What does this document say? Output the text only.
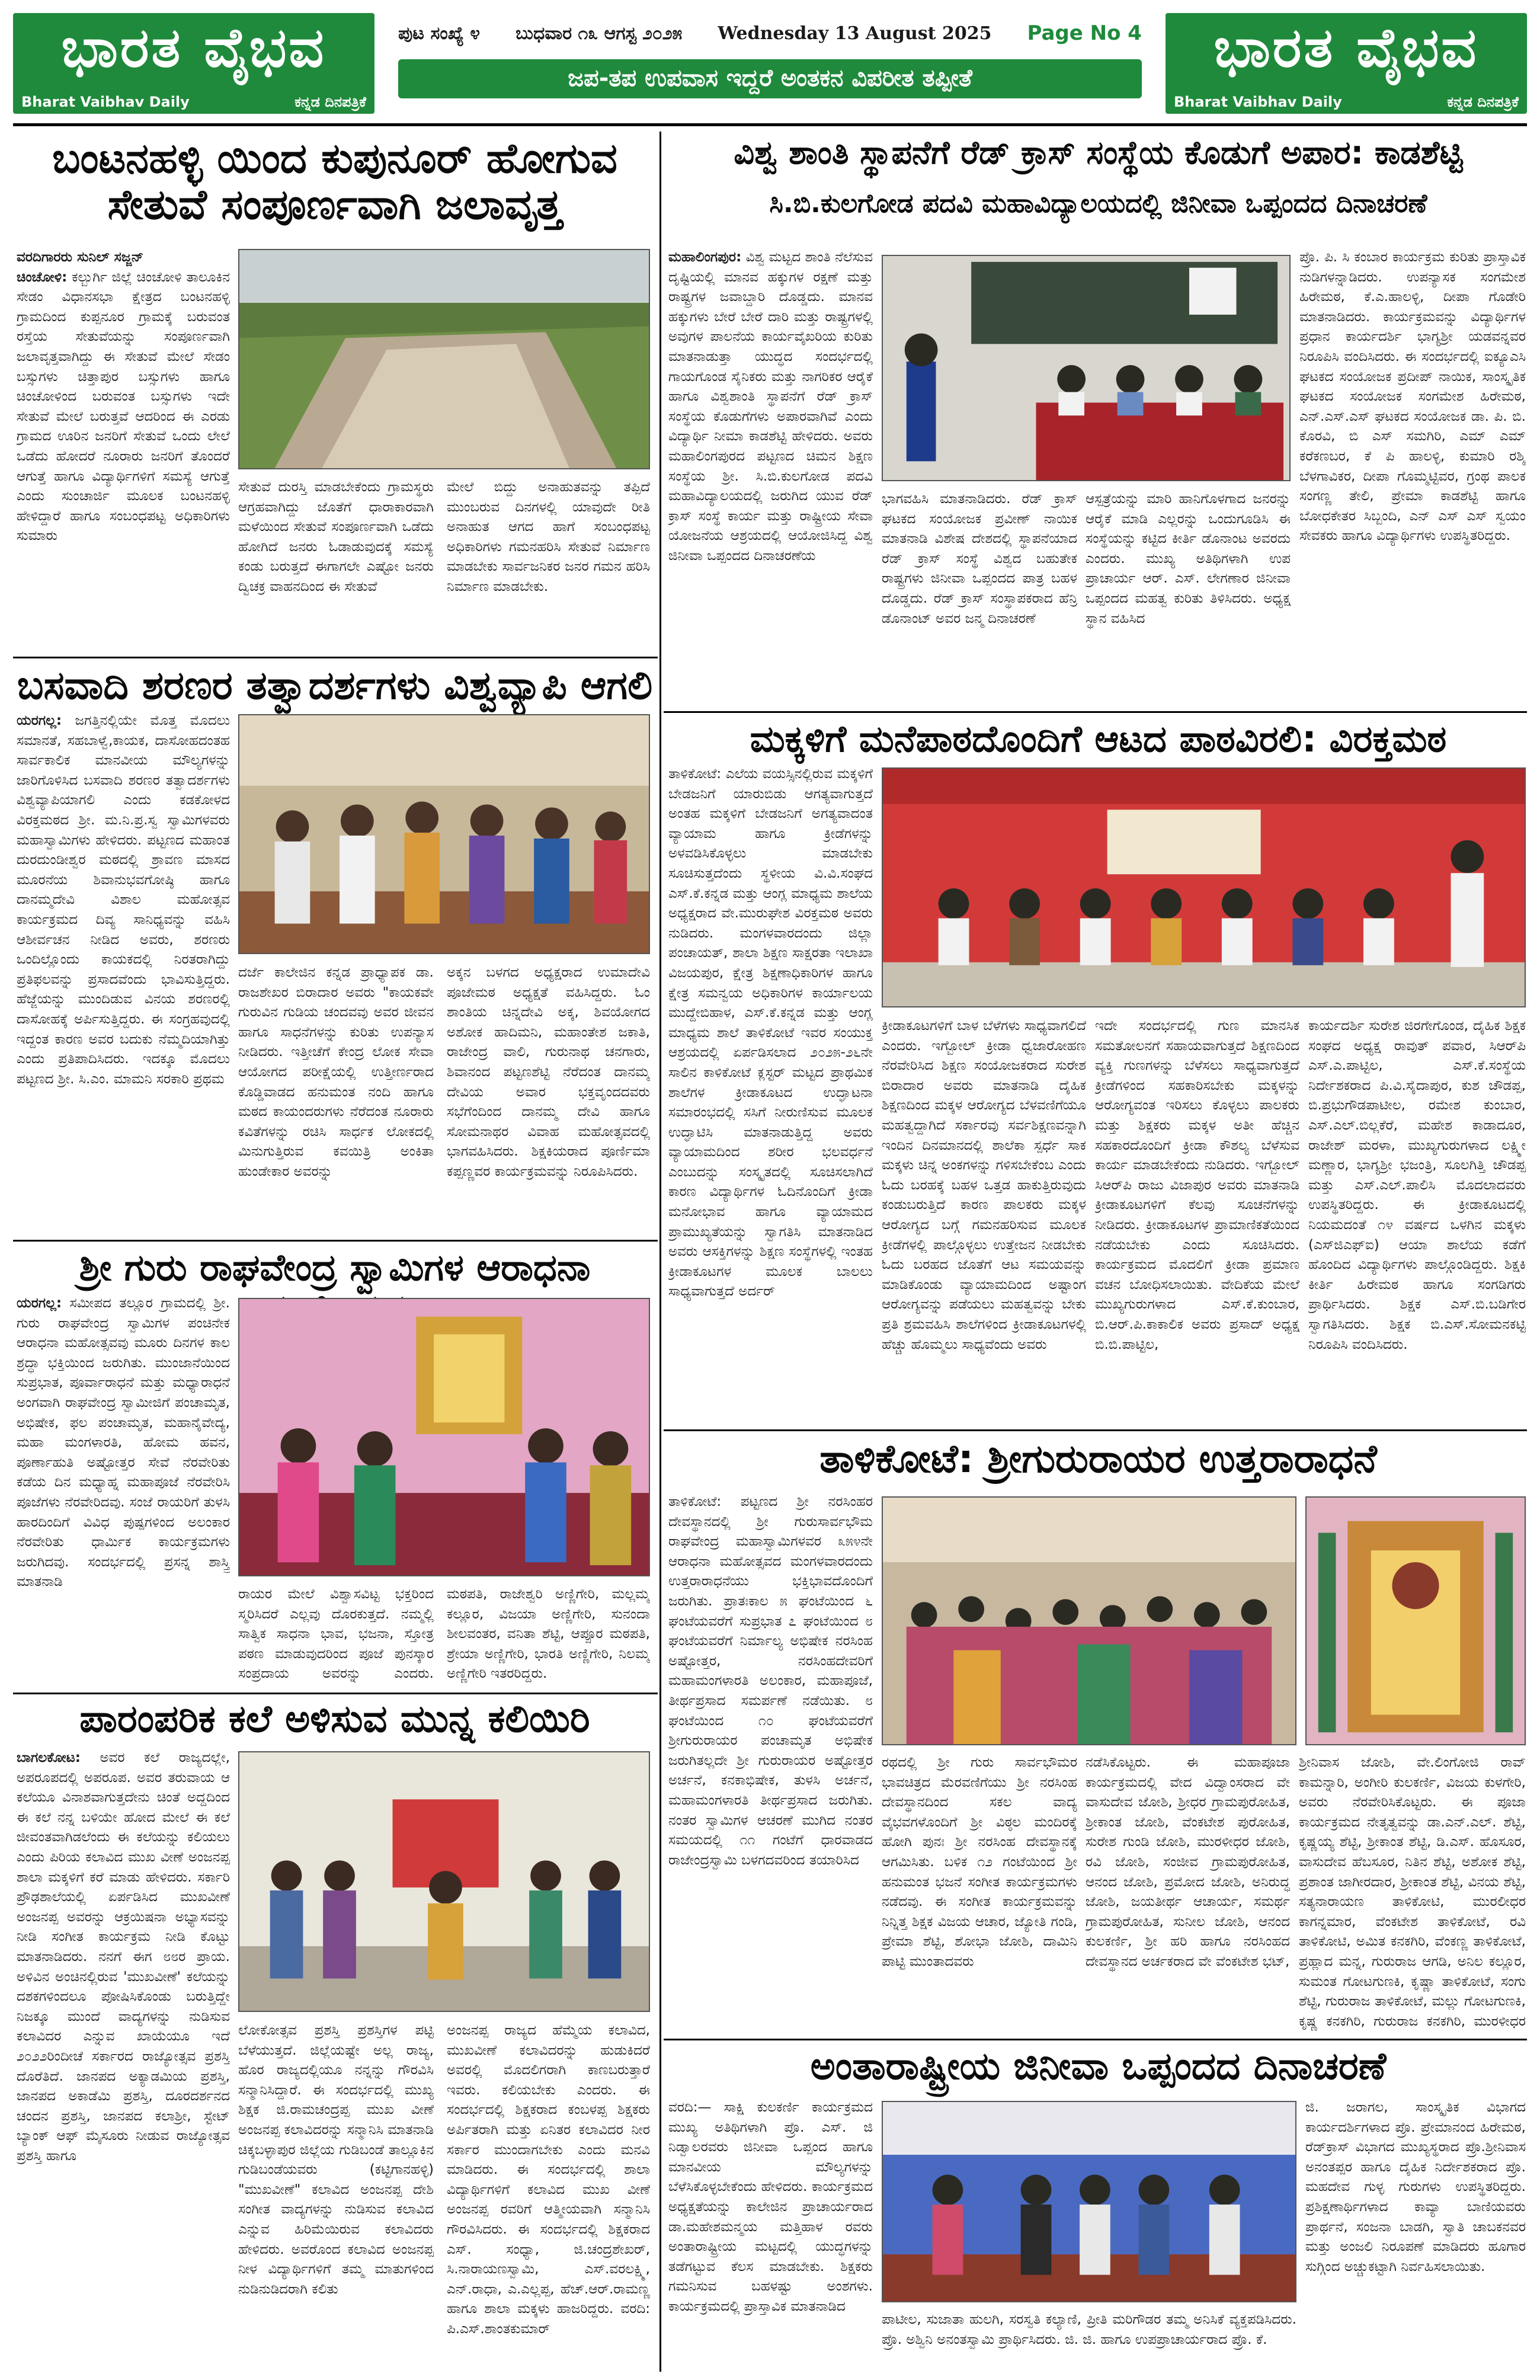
ಭಾರತ ವೈಭವ
Bharat Vaibhav Daily	ಕನ್ನಡ ದಿನಪತ್ರಿಕೆ
ಪುಟ ಸಂಖ್ಯೆ ೪ ಬುಧವಾರ ೧೩ ಆಗಸ್ಟ ೨೦೨೫ Wednesday 13 August 2025 Page No 4
ಜಪ-ತಪ ಉಪವಾಸ ಇದ್ದರೆ ಅಂತಕನ ವಿಪರೀತ ತಪ್ಪೀತೆ	ಭಾರತ ವೈಭವ
Bharat Vaibhav Daily	ಕನ್ನಡ ದಿನಪತ್ರಿಕೆ
ಬಂಟನಹಳ್ಳಿ ಯಿಂದ ಕುಪುನೂರ್ ಹೋಗುವ ಸೇತುವೆ ಸಂಪೂರ್ಣವಾಗಿ ಜಲಾವೃತ್ತ
ವರದಿಗಾರರು ಸುನಿಲ್ ಸಜ್ಜನ್
ಚಿಂಚೋಳಿ: ಕಲ್ಬುರ್ಗಿ ಜಿಲ್ಲೆ ಚಿಂಚೋಳಿ ತಾಲೂಕಿನ ಸೇಡಂ ವಿಧಾನಸಭಾ ಕ್ಷೇತ್ರದ ಬಂಟನಹಳ್ಳಿ ಗ್ರಾಮದಿಂದ ಕುಪ್ಪನೂರ ಗ್ರಾಮಕ್ಕೆ ಬರುವಂತ ರಸ್ತೆಯ ಸೇತುವೆಯನ್ನು ಸಂಪೂರ್ಣವಾಗಿ ಜಲಾವೃತ್ತವಾಗಿದ್ದು ಈ ಸೇತುವೆ ಮೇಲೆ ಸೇಡಂ ಬಸ್ಸುಗಳು ಚಿತ್ತಾಪುರ ಬಸ್ಸುಗಳು ಹಾಗೂ ಚಿಂಚೋಳಿಂದ ಬರುವಂತ ಬಸ್ಸುಗಳು ಇದೇ ಸೇತುವೆ ಮೇಲೆ ಬರುತ್ತವೆ ಆದರಿಂದ ಈ ಎರಡು ಗ್ರಾಮದ ಊರಿನ ಜನರಿಗೆ ಸೇತುವೆ ಒಂದು ಲೇಲೆ ಒಡೆದು ಹೋದರೆ ನೂರಾರು ಜನರಿಗೆ ತೊಂದರೆ ಆಗುತ್ತೆ ಹಾಗೂ ವಿದ್ಯಾರ್ಥಿಗಳಿಗೆ ಸಮಸ್ಯೆ ಆಗುತ್ತೆ ಎಂದು ಸುಂಚಾರ್ಜಿ ಮೂಲಕ ಬಂಟನಹಳ್ಳಿ ಹೇಳಿದ್ದಾರೆ ಹಾಗೂ ಸಂಬಂಧಪಟ್ಟ ಅಧಿಕಾರಿಗಳು ಸುಮಾರು
ಸೇತುವೆ ದುರಸ್ತಿ ಮಾಡಬೇಕೆಂದು ಗ್ರಾಮಸ್ಥರು ಆಗ್ರಹವಾಗಿದ್ದು ಜೊತೆಗೆ ಧಾರಾಕಾರವಾಗಿ ಮಳೆಯಿಂದ ಸೇತುವೆ ಸಂಪೂರ್ಣವಾಗಿ ಒಡೆದು ಹೋಗಿದೆ ಜನರು ಓಡಾಡುವುದಕ್ಕೆ ಸಮಸ್ಯೆ ಕಂಡು ಬರುತ್ತದೆ ಈಗಾಗಲೇ ಎಷ್ಟೋ ಜನರು ದ್ವಿಚಕ್ರ ವಾಹನದಿಂದ ಈ ಸೇತುವೆ
ಮೇಲೆ ಬಿದ್ದು ಅನಾಹುತವನ್ನು ತಪ್ಪಿದೆ ಮುಂಬರುವ ದಿನಗಳಲ್ಲಿ ಯಾವುದೇ ರೀತಿ ಅನಾಹುತ ಆಗದ ಹಾಗೆ ಸಂಬಂಧಪಟ್ಟ ಅಧಿಕಾರಿಗಳು ಗಮನಹರಿಸಿ ಸೇತುವೆ ನಿರ್ಮಾಣ ಮಾಡಬೇಕು ಸಾರ್ವಜನಿಕರ ಜನರ ಗಮನ ಹರಿಸಿ ನಿರ್ಮಾಣ ಮಾಡಬೇಕು.
ಬಸವಾದಿ ಶರಣರ ತತ್ವಾದರ್ಶಗಳು ವಿಶ್ವವ್ಯಾಪಿ ಆಗಲಿ
ಯರಗಲ್ಲ: ಜಗತ್ತಿನಲ್ಲಿಯೇ ಮೊತ್ತ ಮೊದಲು ಸಮಾನತೆ, ಸಹಬಾಳ್ವೆ,ಕಾಯಕ, ದಾಸೋಹದಂತಹ ಸಾರ್ವಕಾಲಿಕ ಮಾನವೀಯ ಮೌಲ್ಯಗಳನ್ನು ಜಾರಿಗೊಳಿಸಿದ ಬಸವಾದಿ ಶರಣರ ತತ್ವಾದರ್ಶಗಳು ವಿಶ್ವವ್ಯಾಪಿಯಾಗಲಿ ಎಂದು ಕಡಕೋಳದ ವಿರಕ್ತಮಠದ ಶ್ರೀ. ಮ.ನಿ.ಪ್ರ.ಸ್ವ ಸ್ವಾಮಿಗಳವರು ಮಹಾಸ್ವಾಮಿಗಳು ಹೇಳಿದರು. ಪಟ್ಟಣದ ಮಹಾಂತ ದುರದುಂಡೀಶ್ವರ ಮಠದಲ್ಲಿ ಶ್ರಾವಣ ಮಾಸದ ಮೂರನೆಯ ಶಿವಾನುಭವಗೋಷ್ಠಿ ಹಾಗೂ ದಾನಮ್ಮದೇವಿ ವಿಶಾಲ ಮಹೋತ್ಸವ ಕಾರ್ಯಕ್ರಮದ ದಿವ್ಯ ಸಾನಿಧ್ಯವನ್ನು ವಹಿಸಿ ಆಶೀರ್ವಚನ ನೀಡಿದ ಅವರು, ಶರಣರು ಒಂದಿಲ್ಲೊಂದು ಕಾಯಕದಲ್ಲಿ ನಿರತರಾಗಿದ್ದು ಪ್ರತಿಫಲವನ್ನು ಪ್ರಸಾದವೆಂದು ಭಾವಿಸುತ್ತಿದ್ದರು. ಹೆಜ್ಜೆಯನ್ನು ಮುಂದಿಡುವ ವಿನಯ ಶರಣರಲ್ಲಿ ದಾಸೋಹಕ್ಕೆ ಅರ್ಪಿಸುತ್ತಿದ್ದರು. ಈ ಸಂಗ್ರಹವುದಲ್ಲಿ ಇದ್ದಂತ ಕಾರಣ ಅವರ ಬದುಕು ನೆಮ್ಮದಿಯಾಗಿತ್ತು ಎಂದು ಪ್ರತಿಪಾದಿಸಿದರು. ಇದಕ್ಕೂ ಮೊದಲು ಪಟ್ಟಣದ ಶ್ರೀ. ಸಿ.ಎಂ. ಮಾಮನಿ ಸರಕಾರಿ ಪ್ರಥಮ
ದರ್ಜೆ ಕಾಲೇಜಿನ ಕನ್ನಡ ಪ್ರಾಧ್ಯಾಪಕ ಡಾ. ರಾಜಶೇಖರ ಬಿರಾದಾರ ಅವರು "ಕಾಯಕವೇ ಗುರುವಿನ ಗುಡಿಯ ಚಂದವವು ಅವರ ಜೀವನ ಹಾಗೂ ಸಾಧನೆಗಳನ್ನು ಕುರಿತು ಉಪನ್ಯಾಸ ನೀಡಿದರು. ಇತ್ತೀಚೆಗೆ ಕೇಂದ್ರ ಲೋಕ ಸೇವಾ ಆಯೋಗದ ಪರೀಕ್ಷೆಯಲ್ಲಿ ಉತ್ತೀರ್ಣರಾದ ಕೊಡ್ಡಿವಾಡದ ಹನುಮಂತ ನಂದಿ ಹಾಗೂ ಮಠದ ಕಾಯಂದರುಗಳು ನೆರೆದಂತ ನೂರಾರು ಕವಿತೆಗಳನ್ನು ರಚಿಸಿ ಸಾರ್ಧಕ ಲೋಕದಲ್ಲಿ ಮಿನುಗುತ್ತಿರುವ ಕವಯಿತ್ರಿ ಅಂಕಿತಾ ಹುಂಡೇಕಾರ ಅವರನ್ನು
ಅಕ್ಕನ ಬಳಗದ ಅಧ್ಯಕ್ಷರಾದ ಉಮಾದೇವಿ ಪೂಜೇಮಠ ಅಧ್ಯಕ್ಷತೆ ವಹಿಸಿದ್ದರು. ಓಂ ಶಾಂತಿಯ ಚಿನ್ನದೇವಿ ಅಕ್ಕ, ಶಿವಯೋಗದ ಅಶೋಕ ಹಾದಿಮನಿ, ಮಹಾಂತೇಶ ಜಕಾತಿ, ರಾಜೇಂದ್ರ ವಾಲಿ, ಗುರುನಾಥ ಚನಗಾರು, ಶಿವಾನಂದ ಪಟ್ಟಣಶೆಟ್ಟಿ ನೆರೆದಂತ ದಾನಮ್ಮ ದೇವಿಯ ಅವಾರ ಭಕ್ತವೃಂದದವರು ಸಭೆಗೆಂದಿಂದ ದಾನಮ್ಮ ದೇವಿ ಹಾಗೂ ಸೋಮನಾಥರ ವಿವಾಹ ಮಹೋತ್ಸವದಲ್ಲಿ ಭಾಗವಹಿಸಿದರು. ಶಿಕ್ಷಕಿಯರಾದ ಪೂರ್ಣಿಮಾ ಕಪ್ಪಣ್ಣವರ ಕಾರ್ಯಕ್ರಮವನ್ನು ನಿರೂಪಿಸಿದರು.
ಶ್ರೀ ಗುರು ರಾಘವೇಂದ್ರ ಸ್ವಾಮಿಗಳ ಆರಾಧನಾ
ಯರಗಲ್ಲ: ಸಮೀಪದ ತಲ್ಲೂರ ಗ್ರಾಮದಲ್ಲಿ ಶ್ರೀ. ಗುರು ರಾಘವೇಂದ್ರ ಸ್ವಾಮಿಗಳ ಪಂಚಿನೇಕ ಆರಾಧನಾ ಮಹೋತ್ಸವವು ಮೂರು ದಿನಗಳ ಕಾಲ ಶ್ರದ್ಧಾ ಭಕ್ತಿಯಿಂದ ಜರುಗಿತು. ಮುಂಜಾನೆಯಿಂದ ಸುಪ್ರಭಾತ, ಪೂರ್ವಾರಾಧನೆ ಮತ್ತು ಮಧ್ಯಾರಾಧನೆ ಅಂಗವಾಗಿ ರಾಘವೇಂದ್ರ ಸ್ವಾಮೀಜಿಗೆ ಪಂಚಾಮೃತ, ಅಭಿಷೇಕ, ಫಲ ಪಂಚಾಮೃತ, ಮಹಾನೈವೇದ್ಯ, ಮಹಾ ಮಂಗಳಾರತಿ, ಹೋಮ ಹವನ, ಪೂರ್ಣಾಹುತಿ ಅಷ್ಟೋತ್ತರ ಸೇವೆ ನೆರವೇರಿತು ಕಡೆಯ ದಿನ ಮಧ್ಯಾಹ್ನ ಮಹಾಪೂಜೆ ನೆರವೇರಿಸಿ ಪೂಜೆಗಳು ನೆರವೇರಿದವು. ಸಂಜೆ ರಾಯರಿಗೆ ತುಳಸಿ ಹಾರದಿಂದಿಗೆ ವಿವಿಧ ಪುಷ್ಪಗಳಿಂದ ಅಲಂಕಾರ ನೆರವೇರಿತು ಧಾರ್ಮಿಕ ಕಾರ್ಯಕ್ರಮಗಳು ಜರುಗಿದವು. ಸಂದರ್ಭದಲ್ಲಿ ಪ್ರಸನ್ನ ಶಾಸ್ತ್ರಿ ಮಾತನಾಡಿ
ರಾಯರ ಮೇಲೆ ವಿಶ್ವಾಸವಿಟ್ಟ ಭಕ್ತರಿಂದ ಸ್ಮರಿಸಿದರೆ ಎಲ್ಲವು ದೊರಕುತ್ತದೆ. ನಮ್ಮಲ್ಲಿ ಸಾತ್ವಿಕ ಸಾಧನಾ ಭಾವ, ಭಜನಾ, ಸ್ತೋತ್ರ ಪಠಣ ಮಾಡುವುದರಿಂದ ಪೂಜೆ ಪುನಸ್ಕಾರ ಸಂಪ್ರದಾಯ ಅವರನ್ನು ಎಂದರು.
ಮಠಪತಿ, ರಾಜೇಶ್ವರಿ ಅಣ್ಣಿಗೇರಿ, ಮಲ್ಲಮ್ಮ ಕಲ್ಲೂರ, ವಿಜಯಾ ಅಣ್ಣಿಗೇರಿ, ಸುನಂದಾ ಶೀಲವಂತರ, ವನಿತಾ ಶೆಟ್ಟಿ, ಆಪ್ಪೂರ ಮಠಪತಿ, ಶ್ರೇಯಾ ಅಣ್ಣಿಗೇರಿ, ಭಾರತಿ ಅಣ್ಣಿಗೇರಿ, ನಿಲಮ್ಮ ಅಣ್ಣಿಗೇರಿ ಇತರರಿದ್ದರು.
ಪಾರಂಪರಿಕ ಕಲೆ ಅಳಿಸುವ ಮುನ್ನ ಕಲಿಯಿರಿ
ಬಾಗಲಕೋಟ: ಅವರ ಕಲೆ ರಾಜ್ಯದಲ್ಲೇ, ಅಪರೂಪದಲ್ಲಿ ಅಪರೂಪ. ಅವರ ತರುವಾಯ ಆ ಕಲೆಯೂ ವಿನಾಶವಾಗುತ್ತದೇನು ಚಿಂತೆ ಅದ್ದದಿಂದ ಈ ಕಲೆ ನನ್ನ ಬಳಿಯೇ ಹೋದ ಮೇಲೆ ಈ ಕಲೆ ಜೀವಂತವಾಗಿಡಲೆಂದು ಈ ಕಲೆಯನ್ನು ಕಲಿಯಲು ಎಂದು ಪಿರಿಯ ಕಲಾವಿದ ಮುಖ ವೀಣೆ ಅಂಜನಪ್ಪ ಶಾಲಾ ಮಕ್ಕಳಿಗೆ ಕರೆ ಮಾಡು ಹೇಳಿದರು. ಸರ್ಕಾರಿ ಪ್ರೌಢಶಾಲೆಯಲ್ಲಿ ಏರ್ಪಡಿಸಿದ ಮುಖವೀಣೆ ಅಂಜನಪ್ಪ ಅವರನ್ನು ಆಕ್ರಯಿಷನಾ ಅಭ್ಯಾಸವನ್ನು ನೀಡಿ ಸಂಗೀತ ಕಾರ್ಯಕ್ರಮ ನೀಡಿ ಕೊಟ್ಟು ಮಾತನಾಡಿದರು. ನನಗೆ ಈಗ ೮೮ರ ಪ್ರಾಯ. ಅಳಿವಿನ ಅಂಚಿನಲ್ಲಿರುವ 'ಮುಖವೀಣೆ' ಕಲೆಯನ್ನು ದಶಕಗಳಿಂದಲೂ ಪೋಷಿಸಿಕೊಂಡು ಬರುತ್ತಿದ್ದೇ ನಿಜಕ್ಕೂ ಮುಂದೆ ವಾದ್ಯಗಳನ್ನು ನುಡಿಸುವ ಕಲಾವಿದರ ಎನ್ನುವ ಖಾಯೆಯೂ ಇದೆ ೨೦೨೨ರಿಂದೀಚೆ ಸರ್ಕಾರದ ರಾಜ್ಯೋತ್ಸವ ಪ್ರಶಸ್ತಿ ದೊರೆತಿದೆ. ಜಾನಪದ ಅಕ್ಯಾಡಮಿಯ ಪ್ರಶಸ್ತಿ, ಜಾನಪದ ಅಕಾಡೆಮಿ ಪ್ರಶಸ್ತಿ, ದೂರದರ್ಶನದ ಚಂದನ ಪ್ರಶಸ್ತಿ, ಜಾನಪದ ಕಲಾಶ್ರೀ, ಸ್ಟೇಟ್ ಬ್ಯಾಂಕ್ ಆಫ್ ಮೈಸೂರು ನೀಡುವ ರಾಜ್ಯೋತ್ಸವ ಪ್ರಶಸ್ತಿ ಹಾಗೂ
ಲೋಕೋತ್ಸವ ಪ್ರಶಸ್ತಿ ಪ್ರಶಸ್ತಿಗಳ ಪಟ್ಟಿ ಬೆಳೆಯುತ್ತದೆ. ಜಿಲ್ಲೆಯಷ್ಟೇ ಅಲ್ಲ ರಾಜ್ಯ, ಹೊರ ರಾಜ್ಯದಲ್ಲಿಯೂ ನನ್ನನ್ನು ಗೌರವಿಸಿ ಸನ್ಮಾನಿಸಿದ್ದಾರೆ. ಈ ಸಂದರ್ಭದಲ್ಲಿ ಮುಖ್ಯ ಶಿಕ್ಷಕ ಜಿ.ರಾಮಚಂದ್ರಪ್ಪ ಮುಖ ವೀಣೆ ಅಂಜನಪ್ಪ ಕಲಾವಿದರನ್ನು ಸನ್ಮಾನಿಸಿ ಮಾತನಾಡಿ ಚಿಕ್ಕಬಳ್ಳಾಪುರ ಜಿಲ್ಲೆಯ ಗುಡಿಬಂಡೆ ತಾಲ್ಲೂಕಿನ ಗುಡಿಬಂಡೆಯವರು (ಕಟ್ಟಿಗಾನಹಳ್ಳಿ) "ಮುಖವೀಣೆ" ಕಲಾವಿದ ಅಂಜನಪ್ಪ ದೇಶಿ ಸಂಗೀತ ವಾದ್ಯಗಳನ್ನು ನುಡಿಸುವ ಕಲಾವಿದ ಎನ್ನುವ ಹಿರಿಮೆಯಿರುವ ಕಲಾವಿದರು ಹೇಳಿದರು. ಅವರೊಂದ ಕಲಾವಿದ ಅಂಜನಪ್ಪ ನೀಳ ವಿದ್ಯಾರ್ಥಿಗಳಿಗೆ ತಮ್ಮ ಮಾತುಗಳಿಂದ ನುಡಿನುಡಿದರಾಗಿ ಕಲಿತು
ಅಂಜನಪ್ಪ ರಾಜ್ಯದ ಹೆಮ್ಮೆಯ ಕಲಾವಿದ, ಮುಖವೀಣೆ ಕಲಾವಿದರನ್ನು ಹುಡುಕಿದರೆ ಅವರಲ್ಲಿ ಮೊದಲಿಗರಾಗಿ ಕಾಣಬರುತ್ತಾರೆ ಇವರು. ಕಲಿಯಬೇಕು ಎಂದರು. ಈ ಸಂದರ್ಭದಲ್ಲಿ ಶಿಕ್ಷಕರಾದ ಕಂಬಳಪ್ಪ ಶಿಕ್ಷಕರು ಅರ್ಪಿತರಾಗಿ ಮತ್ತು ಏನಿತರ ಕಲಾವಿದರ ನೀರ ಸರ್ಕಾರ ಮುಂದಾಗಬೇಕು ಎಂದು ಮನವಿ ಮಾಡಿದರು. ಈ ಸಂದರ್ಭದಲ್ಲಿ ಶಾಲಾ ವಿದ್ಯಾರ್ಥಿಗಳಿಗೆ ಕಲಾವಿದ ಮುಖ ವೀಣೆ ಅಂಜನಪ್ಪ ರವರಿಗೆ ಆತ್ಮೀಯವಾಗಿ ಸನ್ಮಾನಿಸಿ ಗೌರವಿಸಿದರು. ಈ ಸಂದರ್ಭದಲ್ಲಿ ಶಿಕ್ಷಕರಾದ ಎಸ್. ಸಂಧ್ಯಾ, ಜಿ.ಚಂದ್ರಶೇಖರ್, ಸಿ.ನಾರಾಯಣಸ್ವಾಮಿ, ಎಸ್.ವರಲಕ್ಷ್ಮಿ, ಎನ್.ರಾಧಾ, ಎ.ಎಲ್ಲಪ್ಪ, ಹೆಚ್.ಆರ್.ರಾಮಣ್ಣ ಹಾಗೂ ಶಾಲಾ ಮಕ್ಕಳು ಹಾಜರಿದ್ದರು. ವರದಿ: ಪಿ.ಎಸ್.ಶಾಂತಕುಮಾರ್
ವಿಶ್ವ ಶಾಂತಿ ಸ್ಥಾಪನೆಗೆ ರೆಡ್ ಕ್ರಾಸ್ ಸಂಸ್ಥೆಯ ಕೊಡುಗೆ ಅಪಾರ: ಕಾಡಶೆಟ್ಟಿ
ಸಿ.ಬಿ.ಕುಲಗೋಡ ಪದವಿ ಮಹಾವಿದ್ಯಾಲಯದಲ್ಲಿ ಜಿನೀವಾ ಒಪ್ಪಂದದ ದಿನಾಚರಣೆ
ಮಹಾಲಿಂಗಪುರ: ವಿಶ್ವ ಮಟ್ಟದ ಶಾಂತಿ ನೆಲೆಸುವ ದೃಷ್ಟಿಯಲ್ಲಿ ಮಾನವ ಹಕ್ಕುಗಳ ರಕ್ಷಣೆ ಮತ್ತು ರಾಷ್ಟ್ರಗಳ ಜವಾಬ್ದಾರಿ ದೊಡ್ಡದು. ಮಾನವ ಹಕ್ಕುಗಳು ಬೇರೆ ಬೇರೆ ದಾರಿ ಮತ್ತು ರಾಷ್ಟ್ರಗಳಲ್ಲಿ ಅವುಗಳ ಪಾಲನೆಯ ಕಾರ್ಯವೈಖರಿಯ ಕುರಿತು ಮಾತನಾಡುತ್ತಾ ಯುದ್ಧದ ಸಂದರ್ಭದಲ್ಲಿ ಗಾಯಗೊಂಡ ಸೈನಿಕರು ಮತ್ತು ನಾಗರಿಕರ ಆರೈಕೆ ಹಾಗೂ ವಿಶ್ವಶಾಂತಿ ಸ್ಥಾಪನೆಗೆ ರೆಡ್ ಕ್ರಾಸ್ ಸಂಸ್ಥೆಯ ಕೊಡುಗೆಗಳು ಅಪಾರವಾಗಿವೆ ಎಂದು ವಿದ್ಯಾರ್ಥಿ ನೀಮಾ ಕಾಡಶೆಟ್ಟಿ ಹೇಳಿದರು. ಅವರು ಮಹಾಲಿಂಗಪುರದ ಪಟ್ಟಣದ ಚಿಮನ ಶಿಕ್ಷಣ ಸಂಸ್ಥೆಯ ಶ್ರೀ. ಸಿ.ಬಿ.ಕುಲಗೋಡ ಪದವಿ ಮಹಾವಿದ್ಯಾಲಯದಲ್ಲಿ ಜರುಗಿದ ಯುವ ರೆಡ್ ಕ್ರಾಸ್ ಸಂಸ್ಥೆ ಕಾರ್ಯ ಮತ್ತು ರಾಷ್ಟ್ರೀಯ ಸೇವಾ ಯೋಜನೆಯ ಆಶ್ರಯದಲ್ಲಿ ಆಯೋಜಿಸಿದ್ದ ವಿಶ್ವ ಜಿನೀವಾ ಒಪ್ಪಂದದ ದಿನಾಚರಣೆಯ
ಪ್ರೊ. ಪಿ. ಸಿ ಕಂಬಾರ ಕಾರ್ಯಕ್ರಮ ಕುರಿತು ಪ್ರಾಸ್ತಾವಿಕ ನುಡಿಗಳನ್ನಾಡಿದರು. ಉಪನ್ಯಾಸಕ ಸಂಗಮೇಶ ಹಿರೇಮಠ, ಕೆ.ಎ.ಹಾಲಳ್ಳಿ, ದೀಪಾ ಗೊಡೇರಿ ಮಾತನಾಡಿದರು. ಕಾರ್ಯಕ್ರಮವನ್ನು ವಿದ್ಯಾರ್ಥಿಗಳ ಪ್ರಧಾನ ಕಾರ್ಯದರ್ಶಿ ಭಾಗ್ಯಶ್ರೀ ಯಡವನ್ನವರ ನಿರೂಪಿಸಿ ವಂದಿಸಿದರು. ಈ ಸಂದರ್ಭದಲ್ಲಿ ಐಕ್ಯೂಎಸಿ ಘಟಕದ ಸಂಯೋಜಕ ಪ್ರದೀಪ್ ನಾಯಿಕ, ಸಾಂಸ್ಕೃತಿಕ ಘಟಕದ ಸಂಯೋಜಕ ಸಂಗಮೇಶ ಹಿರೇಮಠ, ಎನ್.ಎಸ್.ಎಸ್ ಘಟಕದ ಸಂಯೋಜಕ ಡಾ. ಪಿ. ಬಿ. ಕೊರವಿ, ಬಿ ಎಸ್ ಸಮಗಿರಿ, ಎಮ್ ಎಮ್ ಕರೆಕಣಬರ, ಕೆ ಪಿ ಹಾಲಳ್ಳಿ, ಕುಮಾರಿ ರಶ್ಮಿ ಬೆಳಗಾವಿಕರ, ದೀಪಾ ಗೊಮ್ಮಟ್ಟಿವರ, ಗ್ರಂಥ ಪಾಲಕ ಸಂಗಣ್ಣ ತೇಲಿ, ಪ್ರೇಮಾ ಕಾಡಶೆಟ್ಟಿ ಹಾಗೂ ಬೋಧಕೇತರ ಸಿಬ್ಬಂದಿ, ಎನ್ ಎಸ್ ಎಸ್ ಸ್ವಯಂ ಸೇವಕರು ಹಾಗೂ ವಿದ್ಯಾರ್ಥಿಗಳು ಉಪಸ್ಥಿತರಿದ್ದರು.
ಭಾಗವಹಿಸಿ ಮಾತನಾಡಿದರು. ರೆಡ್ ಕ್ರಾಸ್ ಘಟಕದ ಸಂಯೋಜಕ ಪ್ರವೀಣ್ ನಾಯಿಕ ಮಾತನಾಡಿ ವಿಶೇಷ ದೇಶದಲ್ಲಿ ಸ್ಥಾಪನೆಯಾದ ರೆಡ್ ಕ್ರಾಸ್ ಸಂಸ್ಥೆ ವಿಶ್ವದ ಬಹುತೇಕ ರಾಷ್ಟ್ರಗಳು ಜಿನೀವಾ ಒಪ್ಪಂದದ ಪಾತ್ರ ಬಹಳ ದೊಡ್ಡದು. ರೆಡ್ ಕ್ರಾಸ್ ಸಂಸ್ಥಾಪಕರಾದ ಹೆನ್ರಿ ಡೊನಾಂಟ್ ಅವರ ಜನ್ಮ ದಿನಾಚರಣೆ
ಆಸ್ಪತ್ರೆಯನ್ನು ಮಾರಿ ಹಾನಿಗೊಳಗಾದ ಜನರನ್ನು ಆರೈಕೆ ಮಾಡಿ ಎಲ್ಲರನ್ನು ಒಂದುಗೂಡಿಸಿ ಈ ಸಂಸ್ಥೆಯನ್ನು ಕಟ್ಟಿದ ಕೀರ್ತಿ ಡೊನಾಂಟ ಅವರದು ಎಂದರು. ಮುಖ್ಯ ಅತಿಥಿಗಳಾಗಿ ಉಪ ಪ್ರಾಚಾರ್ಯ ಆರ್. ಎಸ್. ಲೇಗಣಾರ ಜಿನೀವಾ ಒಪ್ಪಂದದ ಮಹತ್ವ ಕುರಿತು ತಿಳಿಸಿದರು. ಅಧ್ಯಕ್ಷ ಸ್ಥಾನ ವಹಿಸಿದ
ಮಕ್ಕಳಿಗೆ ಮನೆಪಾಠದೊಂದಿಗೆ ಆಟದ ಪಾಠವಿರಲಿ: ವಿರಕ್ತಮಠ
ತಾಳಿಕೋಟೆ: ಎಲೆಯ ವಯಸ್ಸಿನಲ್ಲಿರುವ ಮಕ್ಕಳಿಗೆ ಬೇಡಜನಿಗೆ ಯಾರುಬಿಡು ಆಗತ್ಯವಾಗುತ್ತದೆ ಅಂತಹ ಮಕ್ಕಳಿಗೆ ಬೇಡಜನಿಗೆ ಅಗತ್ಯವಾದಂತ ವ್ಯಾಯಾಮ ಹಾಗೂ ಕ್ರೀಡೆಗಳನ್ನು ಅಳವಡಿಸಿಕೊಳ್ಳಲು ಮಾಡಬೇಕು ಸೂಚಿಸುತ್ತದೆಂದು ಸ್ಥಳೀಯ ವಿ.ವಿ.ಸಂಘದ ಎಸ್.ಕೆ.ಕನ್ನಡ ಮತ್ತು ಆಂಗ್ಲ ಮಾಧ್ಯಮ ಶಾಲೆಯ ಅಧ್ಯಕ್ಷರಾದ ವೇ.ಮುರುಘೇಶ ವಿರಕ್ತಮಠ ಅವರು ನುಡಿದರು. ಮಂಗಳವಾರದಂದು ಜಿಲ್ಲಾ ಪಂಚಾಯತ್, ಶಾಲಾ ಶಿಕ್ಷಣ ಸಾಕ್ಷರತಾ ಇಲಾಖಾ ವಿಜಯಪುರ, ಕ್ಷೇತ್ರ ಶಿಕ್ಷಣಾಧಿಕಾರಿಗಳ ಹಾಗೂ ಕ್ಷೇತ್ರ ಸಮನ್ವಯ ಅಧಿಕಾರಿಗಳ ಕಾರ್ಯಾಲಯ ಮುದ್ದೇಬಿಹಾಳ, ಎಸ್.ಕೆ.ಕನ್ನಡ ಮತ್ತು ಆಂಗ್ಲ ಮಾಧ್ಯಮ ಶಾಲೆ ತಾಳಿಕೋಟೆ ಇವರ ಸಂಯುಕ್ತ ಆಶ್ರಯದಲ್ಲಿ ಏರ್ಪಡಿಸಲಾದ ೨೦೨೫-೨೬ನೇ ಸಾಲಿನ ಕಾಳಿಕೋಟೆ ಕ್ಲಸ್ಟರ್ ಮಟ್ಟದ ಪ್ರಾಥಮಿಕ ಶಾಲೆಗಳ ಕ್ರೀಡಾಕೂಟದ ಉದ್ಘಾಟನಾ ಸಮಾರಂಭದಲ್ಲಿ ಸಸಿಗೆ ನೀರುಣಿಸುವ ಮೂಲಕ ಉದ್ಘಾಟಿಸಿ ಮಾತನಾಡುತ್ತಿದ್ದ ಅವರು ವ್ಯಾಯಾಮದಿಂದ ಶರೀರ ಭಲವರ್ಧನೆ ಎಂಬುದನ್ನು ಸಂಸ್ಕೃತದಲ್ಲಿ ಸೂಚಿಸಲಾಗಿದೆ ಕಾರಣ ವಿದ್ಯಾರ್ಥಿಗಳ ಓದಿನೊಂದಿಗೆ ಕ್ರೀಡಾ ಮನೋಭಾವ ಹಾಗೂ ವ್ಯಾಯಾಮದ ಪ್ರಾಮುಖ್ಯತೆಯನ್ನು ಸ್ವಾಗತಿಸಿ ಮಾತನಾಡಿದ ಅವರು ಆಸಕ್ತಿಗಳನ್ನು ಶಿಕ್ಷಣ ಸಂಸ್ಥೆಗಳಲ್ಲಿ ಇಂತಹ ಕ್ರೀಡಾಕೂಟಗಳ ಮೂಲಕ ಬಾಲಲು ಸಾಧ್ಯವಾಗುತ್ತದೆ ಅರ್ದರ್
ಕ್ರೀಡಾಕೂಟಗಳಿಗೆ ಬಾಳ ಬೆಳೆಗಳು ಸಾಧ್ಯವಾಗಲಿದೆ ಎಂದರು. ಇಗ್ಬೋಲ್ ಕ್ರೀಡಾ ಧ್ವಜಾರೋಹಣ ನೆರವೇರಿಸಿದ ಶಿಕ್ಷಣ ಸಂಯೋಜಕರಾದ ಸುರೇಶ ಬಿರಾದಾರ ಅವರು ಮಾತನಾಡಿ ದೈಹಿಕ ಶಿಕ್ಷಣದಿಂದ ಮಕ್ಕಳ ಆರೋಗ್ಯದ ಬೆಳವಣಿಗೆಯೂ ಮಹತ್ವದ್ದಾಗಿದೆ ಸರ್ಕಾರವು ಸರ್ವಶಿಕ್ಷಣವನ್ನಾಗಿ ಇಂದಿನ ದಿನಮಾನದಲ್ಲಿ ಶಾಲೆಕಾ ಸ್ಪರ್ಧೆ ಸಾಕ ಮಕ್ಕಳು ಚಿನ್ನ ಅಂಕಗಳನ್ನು ಗಳಿಸಬೇಕೆಂಬ ಎಂದು ಓದು ಬರಹಕ್ಕೆ ಬಹಳ ಒತ್ತಡ ಹಾಕುತ್ತಿರುವುದು ಕಂಡುಬರುತ್ತಿದೆ ಕಾರಣ ಪಾಲಕರು ಮಕ್ಕಳ ಆರೋಗ್ಯದ ಬಗ್ಗೆ ಗಮನಹರಿಸುವ ಮೂಲಕ ಕ್ರೀಡೆಗಳಲ್ಲಿ ಪಾಲ್ಗೊಳ್ಳಲು ಉತ್ತೇಜನ ನೀಡಬೇಕು ಓದು ಬರಹದ ಜೊತೆಗೆ ಆಟ ಸಮಯವನ್ನು ಮಾಡಿಕೊಂಡು ವ್ಯಾಯಾಮದಿಂದ ಅಷ್ಟಾಂಗ ಆರೋಗ್ಯವನ್ನು ಪಡೆಯಲು ಮಹತ್ವವನ್ನು ಬೇಕು ಪ್ರತಿ ಶ್ರಮವಹಿಸಿ ಶಾಲೆಗಳಿಂದ ಕ್ರೀಡಾಕೂಟಗಳಲ್ಲಿ ಹೆಚ್ಚು ಹೊಮ್ಮಲು ಸಾಧ್ಯವೆಂದು ಅವರು
ಇದೇ ಸಂದರ್ಭದಲ್ಲಿ ಗುಣ ಮಾನಸಿಕ ಸಮತೋಲನಗೆ ಸಹಾಯವಾಗುತ್ತದೆ ಶಿಕ್ಷಣದಿಂದ ವ್ಯಕ್ತಿ ಗುಣಗಳನ್ನು ಬೆಳೆಸಲು ಸಾಧ್ಯವಾಗುತ್ತದೆ ಕ್ರೀಡೆಗಳಿಂದ ಸಹಕಾರಿಸಬೇಕು ಮಕ್ಕಳನ್ನು ಆರೋಗ್ಯವಂತ ಇರಿಸಲು ಕೊಳ್ಳಲು ಪಾಲಕರು ಮತ್ತು ಶಿಕ್ಷಕರು ಮಕ್ಕಳ ಅತೀ ಹೆಚ್ಚಿನ ಸಹಕಾರದೊಂದಿಗೆ ಕ್ರೀಡಾ ಕೌಶಲ್ಯ ಬೆಳೆಸುವ ಕಾರ್ಯ ಮಾಡಬೇಕೆಂದು ನುಡಿದರು. ಇಗ್ಬೋಲ್ ಸಿಆರ್‌ಪಿ ರಾಜು ವಿಜಾಪುರ ಅವರು ಮಾತನಾಡಿ ಕ್ರೀಡಾಕೂಟಗಳಿಗೆ ಕೆಲವು ಸೂಚನೆಗಳನ್ನು ನೀಡಿದರು. ಕ್ರೀಡಾಕೂಟಗಳ ಪ್ರಾಮಾಣಿಕತೆಯಿಂದ ನಡೆಯಬೇಕು ಎಂದು ಸೂಚಿಸಿದರು. ಕಾರ್ಯಕ್ರಮದ ಮೊದಲಿಗೆ ಕ್ರೀಡಾ ಪ್ರಮಾಣ ವಚನ ಬೋಧಿಸಲಾಯಿತು. ವೇದಿಕೆಯ ಮೇಲೆ ಮುಖ್ಯಗುರುಗಳಾದ ಎಸ್.ಕೆ.ಕುಂಬಾರ, ಬಿ.ಆರ್.ಪಿ.ಕಾಕಾಲಿಕ ಅವರು ಪ್ರಸಾದ್ ಅಧ್ಯಕ್ಷ ಬಿ.ಬಿ.ಪಾಟ್ಟಿಲ,
ಕಾರ್ಯದರ್ಶಿ ಸುರೇಶ ಜಿರಗೇಗೊಂಡ, ದೈಹಿಕ ಶಿಕ್ಷಕ ಸಂಘದ ಅಧ್ಯಕ್ಷ ರಾವುತ್ ಪವಾರ, ಸಿಆರ್‌ಪಿ ಎಸ್.ಎ.ಪಾಟ್ಟಿಲ, ಎಸ್.ಕೆ.ಸಂಸ್ಥೆಯ ನಿರ್ದೇಶಕರಾದ ಪಿ.ವಿ.ಸೈದಾಪುರ, ಕುಶ ಚೌಡಪ್ಪ, ಬಿ.ಪ್ರಭುಗೌಡಪಾಟೀಲ, ರಮೇಶ ಕುಂಬಾರ, ಎಸ್.ಎಲ್.ಬಿಲ್ಲಕೆರೆ, ಮಹೇಶ ಕಾಡಾದೂರ, ರಾಜೇಶ್ ಮರಳಾ, ಮುಖ್ಯಗುರುಗಳಾದ ಲಕ್ಷ್ಮೀ ಮಣ್ಣಾರ, ಭಾಗ್ಯಶ್ರೀ ಭಜಂತ್ರಿ, ಸೂಲಗಿತ್ತಿ ಚೌಡಪ್ಪ ಮತ್ತು ಎಸ್.ಎಲ್.ಪಾಲಿಸಿ ಮೊದಲಾದವರು ಉಪಸ್ಥಿತರಿದ್ದರು. ಈ ಕ್ರೀಡಾಕೂಟದಲ್ಲಿ ನಿಯಮದಂತೆ ೧೪ ವರ್ಷದ ಒಳಗಿನ ಮಕ್ಕಳು (ಎಸ್‌ಜಿಎಫ್‌ಐ) ಆಯಾ ಶಾಲೆಯ ಕಡೆಗೆ ಹೊಂದಿದ ವಿದ್ಯಾರ್ಥಿಗಳು ಪಾಲ್ಗೊಂಡಿದ್ದರು. ಶಿಕ್ಷಕಿ ಕೀರ್ತಿ ಹಿರೇಮಠ ಹಾಗೂ ಸಂಗಡಿಗರು ಪ್ರಾರ್ಥಿಸಿದರು. ಶಿಕ್ಷಕ ಎಸ್.ಬಿ.ಬಡಿಗೇರ ಸ್ವಾಗತಿಸಿದರು. ಶಿಕ್ಷಕ ಬಿ.ಎಸ್.ಸೋಮನಕಟ್ಟಿ ನಿರೂಪಿಸಿ ವಂದಿಸಿದರು.
ತಾಳಿಕೋಟೆ: ಶ್ರೀಗುರುರಾಯರ ಉತ್ತರಾರಾಧನೆ
ತಾಳಿಕೋಟೆ: ಪಟ್ಟಣದ ಶ್ರೀ ನರಸಿಂಹರ ದೇವಸ್ಥಾನದಲ್ಲಿ ಶ್ರೀ ಗುರುಸಾರ್ವಭೌಮ ರಾಘವೇಂದ್ರ ಮಹಾಸ್ವಾಮಿಗಳವರ ೩೫೪ನೇ ಆರಾಧನಾ ಮಹೋತ್ಸವದ ಮಂಗಳವಾರದಂದು ಉತ್ತರಾರಾಧನೆಯು ಭಕ್ತಿಭಾವದೊಂದಿಗೆ ಜರುಗಿತು. ಪ್ರಾತಃಕಾಲ ೫ ಘಂಟೆಯಿಂದ ೬ ಘಂಟೆಯವರೆಗೆ ಸುಪ್ರಭಾತ ೭ ಘಂಟೆಯಿಂದ ೮ ಘಂಟೆಯವರೆಗೆ ನಿರ್ಮಾಲ್ಯ ಅಭಿಷೇಕ ನರಸಿಂಹ ಅಷ್ಟೋತ್ತರ, ನರಸಿಂಹದೇವರಿಗೆ ಮಹಾಮಂಗಳಾರತಿ ಅಲಂಕಾರ, ಮಹಾಪೂಜೆ, ತೀರ್ಥಪ್ರಸಾದ ಸಮರ್ಪಣೆ ನಡೆಯಿತು. ೮ ಘಂಟೆಯಿಂದ ೧೦ ಘಂಟೆಯವರೆಗೆ ಶ್ರೀಗುರುರಾಯರ ಪಂಚಾಮೃತ ಅಭಿಷೇಕ ಜರುಗಿತಲ್ಲದೇ ಶ್ರೀ ಗುರುರಾಯರ ಅಷ್ಟೋತ್ತರ ಅರ್ಚನೆ, ಕನಕಾಭಿಷೇಕ, ತುಳಸಿ ಅರ್ಚನೆ, ಮಹಾಮಂಗಳಾರತಿ ತೀರ್ಥಪ್ರಸಾದ ಜರುಗಿತು. ನಂತರ ಸ್ವಾಮಿಗಳ ಆಚರಣೆ ಮುಗಿದ ನಂತರ ಸಮಯದಲ್ಲಿ ೧೧ ಗಂಟೆಗೆ ಧಾರವಾಡದ ರಾಜೇಂದ್ರಸ್ವಾಮಿ ಬಳಗದವರಿಂದ ತಯಾರಿಸಿದ
ರಥದಲ್ಲಿ ಶ್ರೀ ಗುರು ಸಾರ್ವಭೌಮರ ಭಾವಚಿತ್ರದ ಮೆರವಣಿಗೆಯು ಶ್ರೀ ನರಸಿಂಹ ದೇವಸ್ಥಾನದಿಂದ ಸಕಲ ವಾದ್ಯ ವೈಭವಗಳೊಂದಿಗೆ ಶ್ರೀ ವಿಠ್ಠಲ ಮಂದಿರಕ್ಕೆ ಹೋಗಿ ಪುನಃ ಶ್ರೀ ನರಸಿಂಹ ದೇವಸ್ಥಾನಕ್ಕೆ ಆಗಮಿಸಿತು. ಬಳಿಕ ೧೨ ಗಂಟೆಯಿಂದ ಶ್ರೀ ಹನುಮಂತ ಭಜನೆ ಸಂಗೀತ ಕಾರ್ಯಕ್ರಮಗಳು ನಡೆದವು. ಈ ಸಂಗೀತ ಕಾರ್ಯಕ್ರಮವನ್ನು ನಿನ್ನಿತ್ತ ಶಿಕ್ಷಕ ವಿಜಯ ಆಚಾರ, ಜ್ಯೋತಿ ಗಂಡಿ, ಪ್ರೇಮಾ ಶೆಟ್ಟಿ, ಶೋಭಾ ಜೋಶಿ, ದಾಮಿನಿ ಪಾಟ್ಟಿ ಮುಂತಾದವರು
ನಡೆಸಿಕೊಟ್ಟರು. ಈ ಮಹಾಪೂಜಾ ಕಾರ್ಯಕ್ರಮದಲ್ಲಿ ವೇದ ವಿದ್ವಾಂಸರಾದ ವೇ ವಾಸುದೇವ ಜೋಶಿ, ಶ್ರೀಧರ ಗ್ರಾಮಪುರೋಹಿತ, ಶ್ರೀಕಾಂತ ಜೋಶಿ, ವೆಂಕಟೇಶ ಪುರೋಹಿತ, ಸುರೇಶ ಗುಂಡಿ ಜೋಶಿ, ಮುರಳೀಧರ ಜೋಶಿ, ರವಿ ಜೋಶಿ, ಸಂಜೀವ ಗ್ರಾಮಪುರೋಹಿತ, ಆನಂದ ಜೋಶಿ, ಪ್ರಮೋದ ಜೋಶಿ, ಅನಿರುದ್ಧ ಜೋಶಿ, ಜಯತೀರ್ಥ ಆಚಾರ್ಯ, ಸಮರ್ಥ ಗ್ರಾಮಪುರೋಹಿತ, ಸುನೀಲ ಜೋಶಿ, ಆನಂದ ಕುಲಕರ್ಣಿ, ಶ್ರೀ ಹರಿ ಹಾಗೂ ನರಸಿಂಹದ ದೇವಸ್ಥಾನದ ಅರ್ಚಕರಾದ ವೇ ವೆಂಕಟೇಶ ಭಟ್,
ಶ್ರೀನಿವಾಸ ಜೋಶಿ, ವೇ.ಲಿಂಗೋಜಿ ರಾವ್ ಕಾಮನ್ನಾರಿ, ಅಂಗೀರಿ ಕುಲಕರ್ಣಿ, ವಿಜಯ ಕುಳಗೇರಿ, ಅವರು ನೆರವೇರಿಸಿಕೊಟ್ಟರು. ಈ ಪೂಜಾ ಕಾರ್ಯಕ್ರಮದ ನೇತೃತ್ವವನ್ನು ಡಾ.ಎನ್.ಎಲ್. ಶೆಟ್ಟಿ, ಕೃಷ್ಣಯ್ಯ ಶೆಟ್ಟಿ, ಶ್ರೀಕಾಂತ ಶೆಟ್ಟಿ, ಡಿ.ಎಸ್. ಹೊಸೂರ, ವಾಸುದೇವ ಹೆಬಸೂರ, ನಿತಿನ ಶೆಟ್ಟಿ, ಅಶೋಕ ಶೆಟ್ಟಿ, ಪ್ರಶಾಂತ ಜಾಗೀರದಾರ, ಶ್ರೀಕಾಂತ ಶೆಟ್ಟಿ, ವಿನಯ ಶೆಟ್ಟಿ, ಸತ್ಯನಾರಾಯಣ ತಾಳಿಕೋಟಿ, ಮುರಲೀಧರ ಕಾಗನ್ನಮಾರ, ವೆಂಕಟೇಶ ತಾಳಿಕೋಟೆ, ರವಿ ತಾಳಿಕೋಟಿ, ಅಮಿತ ಕನಕಗಿರಿ, ವೆಂಕಣ್ಣ ತಾಳಿಕೋಟೆ, ಪ್ರಹ್ಲಾದ ಮನ್ನ, ಗುರುರಾಜ ಆಗಡಿ, ಅನಿಲ ಕಲ್ಲೂರ, ಸುಮಂತ ಗೋಟಗುಣಕಿ, ಕೃಷ್ಣಾ ತಾಳಿಕೋಟೆ, ಸಂಗು ಶೆಟ್ಟಿ, ಗುರುರಾಜ ತಾಳಿಕೋಟೆ, ಮಲ್ಲು ಗೋಟಗುಣಕಿ, ಕೃಷ್ಣ ಕನಕಗಿರಿ, ಗುರುರಾಜ ಕನಕಗಿರಿ, ಮುರಳೀಧರ
ಅಂತಾರಾಷ್ಟ್ರೀಯ ಜಿನೀವಾ ಒಪ್ಪಂದದ ದಿನಾಚರಣೆ
ವರದಿ:— ಸಾಕ್ಷಿ ಕುಲಕರ್ಣಿ ಕಾರ್ಯಕ್ರಮದ ಮುಖ್ಯ ಅತಿಥಿಗಳಾಗಿ ಪ್ರೊ. ಎಸ್. ಜಿ ನಿಡ್ವಾಲರವರು ಜಿನೀವಾ ಒಪ್ಪಂದ ಹಾಗೂ ಮಾನವೀಯ ಮೌಲ್ಯಗಳನ್ನು ಬೆಳೆಸಿಕೊಳ್ಳಬೇಕೆಂದು ಹೇಳಿದರು. ಕಾರ್ಯಕ್ರಮದ ಅಧ್ಯಕ್ಷತೆಯನ್ನು ಕಾಲೇಜಿನ ಪ್ರಾಚಾರ್ಯರಾದ ಡಾ.ಮಹೇಶಮನ್ಮಯ ಮತ್ತಿಹಾಳ ರವರು ಅಂತಾರಾಷ್ಟ್ರೀಯ ಮಟ್ಟದಲ್ಲಿ ಯುದ್ಧಗಳನ್ನು ತಡೆಗಟ್ಟುವ ಕೆಲಸ ಮಾಡಬೇಕು. ಶಿಕ್ಷಕರು ಗಮನಿಸುವ ಬಹಳಷ್ಟು ಅಂಶಗಳು. ಕಾರ್ಯಕ್ರಮದಲ್ಲಿ ಪ್ರಾಸ್ತಾವಿಕ ಮಾತನಾಡಿದ
ಪಾಟೀಲ, ಸುಜಾತಾ ಹುಲಗಿ, ಸರಸ್ವತಿ ಕಲ್ಯಾಣಿ, ಪ್ರೀತಿ ಮರಿಗೌಡರ ತಮ್ಮ ಅನಿಸಿಕೆ ವ್ಯಕ್ತಪಡಿಸಿದರು. ಪ್ರೊ. ಅಶ್ವಿನಿ ಅನಂತಸ್ವಾಮಿ ಪ್ರಾರ್ಥಿಸಿದರು. ಜಿ. ಜಿ. ಹಾಗೂ ಉಪಪ್ರಾಚಾರ್ಯರಾದ ಪ್ರೊ. ಕೆ.
ಜಿ. ಜರಾಗಲ, ಸಾಂಸ್ಕೃತಿಕ ವಿಭಾಗದ ಕಾರ್ಯದರ್ಶಿಗಳಾದ ಪ್ರೊ. ಪ್ರೇಮಾನಂದ ಹಿರೇಮಠ, ರೆಡ್‌ಕ್ರಾಸ್ ವಿಭಾಗದ ಮುಖ್ಯಸ್ಥರಾದ ಪ್ರೊ.ಶ್ರೀನಿವಾಸ ಅನಂತಪ್ಪರ ಹಾಗೂ ದೈಹಿಕ ನಿರ್ದೇಶಕರಾದ ಪ್ರೊ. ಮಹದೇವ ಗುಳ್ಳ ಗುರುಗಳು ಉಪಸ್ಥಿತರಿದ್ದರು. ಪ್ರಶಿಕ್ಷಣಾರ್ಥಿಗಳಾದ ಕಾವ್ಯಾ ಬಾಣಿಯವರು ಪ್ರಾರ್ಥನೆ, ಸಂಜನಾ ಬಾಡಗಿ, ಸ್ವಾತಿ ಚಾಬಕನವರ ಮತ್ತು ಅಂಜಲಿ ನಿರೂಪಣೆ ಮಾಡಿದರು ಹೂಗಾರ ಸುಗ್ಗಿಂದ ಅಚ್ಚುಕಟ್ಟಾಗಿ ನಿರ್ವಹಿಸಲಾಯಿತು.
